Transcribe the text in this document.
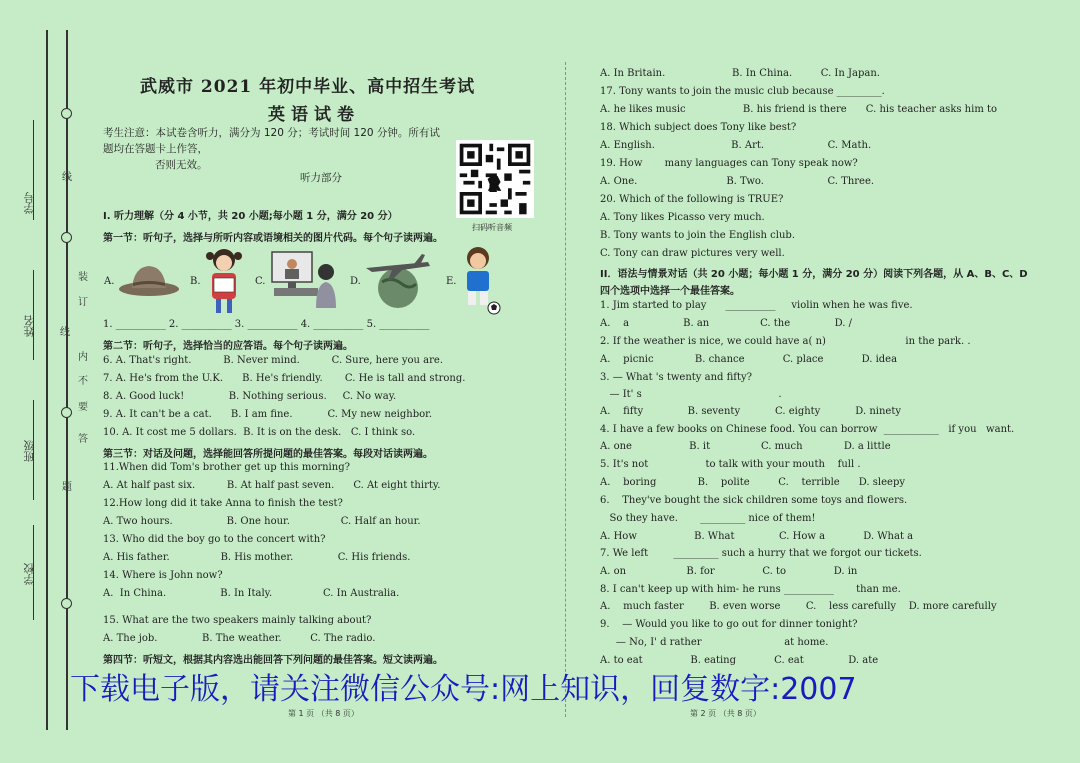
学号
姓名
班级
学校
线
装
订
线
内
不
要
答
题
武威市 2021 年初中毕业、高中招生考试
英语试卷
考生注意：本试卷含听力，满分为 120 分；考试时间 120 分钟。所有试题均在答题卡上作答，
否则无效。
听力部分
扫码听音频
I. 听力理解（分 4 小节，共 20 小题;每小题 1 分，满分 20 分）
第一节：听句子，选择与所听内容或语境相关的图片代码。每个句子读两遍。
1. __________ 2. __________ 3. __________ 4. __________ 5. __________
第二节：听句子，选择恰当的应答语。每个句子读两遍。
6. A. That's right.          B. Never mind.          C. Sure, here you are.
7. A. He's from the U.K.      B. He's friendly.       C. He is tall and strong.
8. A. Good luck!              B. Nothing serious.     C. No way.
9. A. It can't be a cat.      B. I am fine.           C. My new neighbor.
10. A. It cost me 5 dollars.  B. It is on the desk.   C. I think so.
第三节：对话及问题，选择能回答所提问题的最佳答案。每段对话读两遍。
11.When did Tom's brother get up this morning?
A. At half past six.          B. At half past seven.      C. At eight thirty.
12.How long did it take Anna to finish the test?
A. Two hours.                 B. One hour.                C. Half an hour.
13. Who did the boy go to the concert with?
A. His father.                B. His mother.              C. His friends.
14. Where is John now?
A.  In China.                 B. In Italy.                C. In Australia.
15. What are the two speakers mainly talking about?
A. The job.              B. The weather.         C. The radio.
第四节：听短文，根据其内容选出能回答下列问题的最佳答案。短文读两遍。
A.	B.	C.	D.	E.
A. In Britain.                     B. In China.         C. In Japan.
17. Tony wants to join the music club because _________.
A. he likes music                  B. his friend is there      C. his teacher asks him to
18. Which subject does Tony like best?
A. English.                        B. Art.                    C. Math.
19. How       many languages can Tony speak now?
A. One.                            B. Two.                    C. Three.
20. Which of the following is TRUE?
A. Tony likes Picasso very much.
B. Tony wants to join the English club.
C. Tony can draw pictures very well.
II．语法与情景对话（共 20 小题；每小题 1 分，满分 20 分）阅读下列各题，从 A、B、C、D
四个选项中选择一个最佳答案。
1. Jim started to play      __________     violin when he was five.
A.    a                 B. an                C. the              D. /
2. If the weather is nice, we could have a( n)                         in the park. .
A.    picnic             B. chance            C. place            D. idea
3. — What 's twenty and fifty?
— It' s                                           .
A.    fifty              B. seventy           C. eighty           D. ninety
4. I have a few books on Chinese food. You can borrow  ___________   if you   want.
A. one                  B. it                C. much             D. a little
5. It's not                  to talk with your mouth    full .
A.    boring             B.    polite         C.    terrible      D. sleepy
6.    They've bought the sick children some toys and flowers.
So they have.       _________ nice of them!
A. How                  B. What              C. How a            D. What a
7. We left        _________ such a hurry that we forgot our tickets.
A. on                   B. for               C. to               D. in
8. I can't keep up with him- he runs __________       than me.
A.    much faster        B. even worse        C.    less carefully    D. more carefully
9.    — Would you like to go out for dinner tonight?
— No, I' d rather                          at home.
A. to eat               B. eating            C. eat              D. ate
第 1 页 （共 8 页）	第 2 页 （共 8 页）
下载电子版，请关注微信公众号:网上知识，回复数字:2007
